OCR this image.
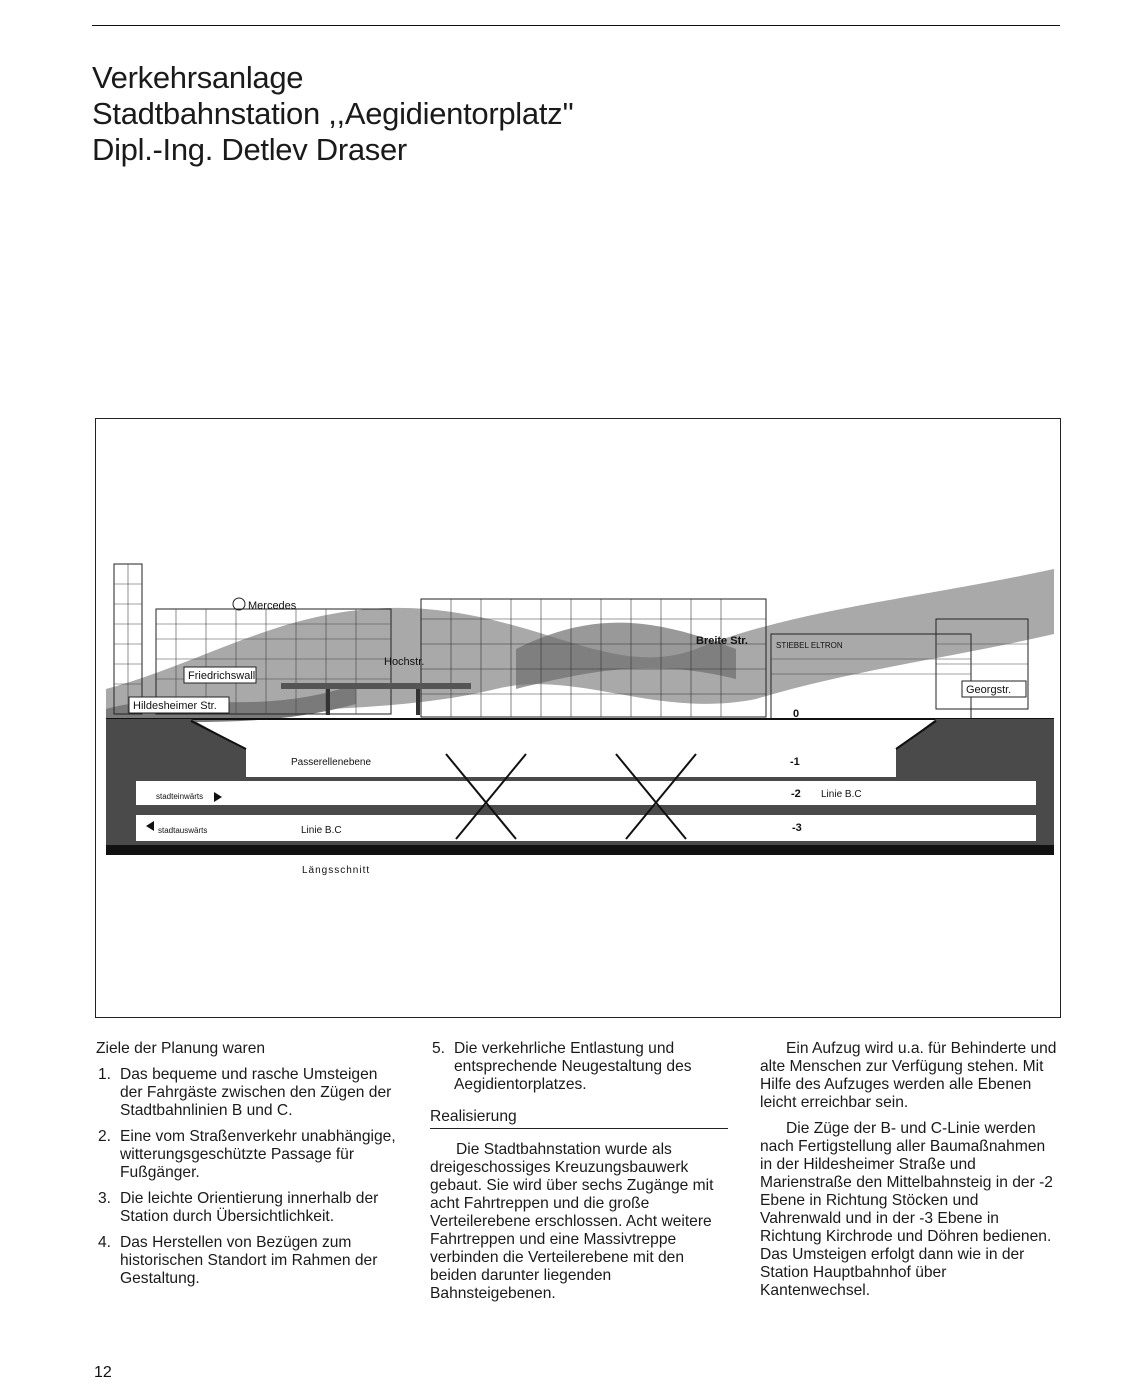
Verkehrsanlage
Stadtbahnstation ,,Aegidientorplatz''
Dipl.-Ing. Detlev Draser
Mercedes
STIEBEL ELTRON
Friedrichswall
Hildesheimer Str.
Hochstr.
Breite Str.
Georgstr.
0
Passerellenebene	-1
stadteinwärts	-2 Linie B.C
stadtauswärts	Linie B.C	-3
Längsschnitt

Ziele der Planung waren

1. Das bequeme und rasche Umsteigen der Fahrgäste zwischen den Zügen der Stadtbahnlinien B und C.
2. Eine vom Straßenverkehr unabhängige, witterungsgeschützte Passage für Fußgänger.
3. Die leichte Orientierung innerhalb der Station durch Übersichtlichkeit.
4. Das Herstellen von Bezügen zum historischen Standort im Rahmen der Gestaltung.
5. Die verkehrliche Entlastung und entsprechende Neugestaltung des Aegidientorplatzes.
Realisierung

Die Stadtbahnstation wurde als dreigeschossiges Kreuzungsbauwerk gebaut. Sie wird über sechs Zugänge mit acht Fahrtreppen und die große Verteilerebene erschlossen. Acht weitere Fahrtreppen und eine Massivtreppe verbinden die Verteilerebene mit den beiden darunter liegenden Bahnsteigebenen.

Ein Aufzug wird u.a. für Behinderte und alte Menschen zur Verfügung stehen. Mit Hilfe des Aufzuges werden alle Ebenen leicht erreichbar sein.

Die Züge der B- und C-Linie werden nach Fertigstellung aller Baumaßnahmen in der Hildesheimer Straße und Marienstraße den Mittelbahnsteig in der -2 Ebene in Richtung Stöcken und Vahrenwald und in der -3 Ebene in Richtung Kirchrode und Döhren bedienen. Das Umsteigen erfolgt dann wie in der Station Hauptbahnhof über Kantenwechsel.

12
